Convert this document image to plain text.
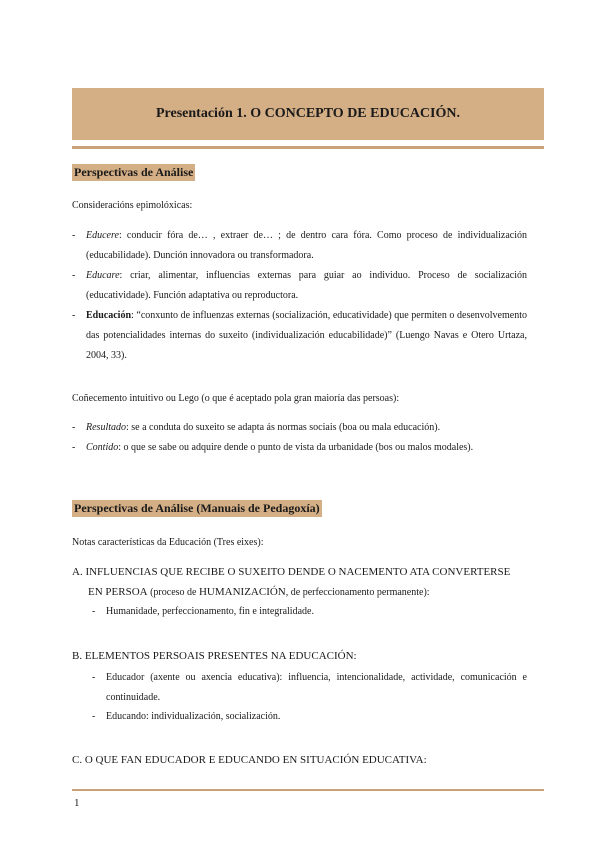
Presentación 1. O CONCEPTO DE EDUCACIÓN.
Perspectivas de Análise
Consideracións epimolóxicas:
- Educere: conducir fóra de… , extraer de… ; de dentro cara fóra. Como proceso de individualización (educabilidade). Dunción innovadora ou transformadora.
- Educare: criar, alimentar, influencias externas para guiar ao individuo. Proceso de socialización (educatividade). Función adaptativa ou reproductora.
- Educación: “conxunto de influenzas externas (socialización, educatividade) que permiten o desenvolvemento das potencialidades internas do suxeito (individualización educabilidade)” (Luengo Navas e Otero Urtaza, 2004, 33).
Coñecemento intuitivo ou Lego (o que é aceptado pola gran maioría das persoas):
- Resultado: se a conduta do suxeito se adapta ás normas sociais (boa ou mala educación).
- Contido: o que se sabe ou adquire dende o punto de vista da urbanidade (bos ou malos modales).
Perspectivas de Análise (Manuais de Pedagoxía)
Notas características da Educación (Tres eixes):
A. INFLUENCIAS QUE RECIBE O SUXEITO DENDE O NACEMENTO ATA CONVERTERSE
EN PERSOA (proceso de HUMANIZACIÓN, de perfeccionamento permanente):
- Humanidade, perfeccionamento, fin e integralidade.
B. ELEMENTOS PERSOAIS PRESENTES NA EDUCACIÓN:
- Educador (axente ou axencia educativa): influencia, intencionalidade, actividade, comunicación e continuidade.
- Educando: individualización, socialización.
C. O QUE FAN EDUCADOR E EDUCANDO EN SITUACIÓN EDUCATIVA:
1
